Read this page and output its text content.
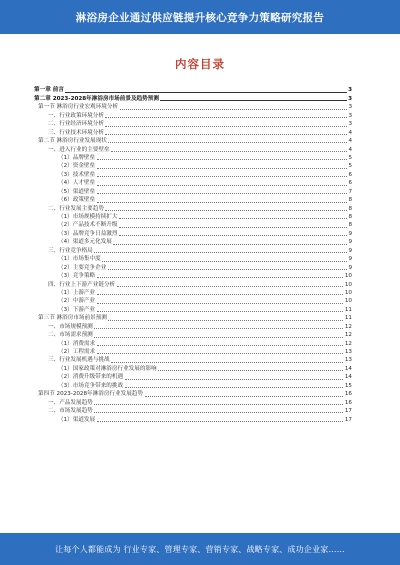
淋浴房企业通过供应链提升核心竞争力策略研究报告
内容目录
第一章 前言	3
第二章 2023-2028年淋浴房市场前景及趋势预测	3
第一节 淋浴房行业宏观环境分析	3
一、行业政策环境分析	3
二、行业经济环境分析	3
三、行业技术环境分析	4
第二节 淋浴房行业发展现状	4
一、进入行业的主要壁垒	4
（1）品牌壁垒	5
（2）资金壁垒	5
（3）技术壁垒	6
（4）人才壁垒	6
（5）渠道壁垒	7
（6）政策壁垒	8
二、行业发展主要趋势	8
（1）市场规模持续扩大	8
（2）产品技术不断升级	8
（3）品牌竞争日益激烈	9
（4）渠道多元化发展	9
三、行业竞争格局	9
（1）市场集中度	9
（2）主要竞争企业	9
（3）竞争策略	10
四、行业上下游产业链分析	10
（1）上游产业	10
（2）中游产业	10
（3）下游产业	11
第三节 淋浴房市场前景预测	11
一、市场规模预测	12
二、市场需求预测	12
（1）消费需求	12
（2）工程需求	13
三、行业发展机遇与挑战	13
（1）国家政策对淋浴房行业发展的影响	14
（2）消费升级带来的机遇	14
（3）市场竞争带来的挑战	15
第四节 2023-2028年淋浴房行业发展趋势	16
一、产品发展趋势	16
二、市场发展趋势	17
（1）渠道发展	17
让每个人都能成为 行业专家、管理专家、营销专家、战略专家、成功企业家……
